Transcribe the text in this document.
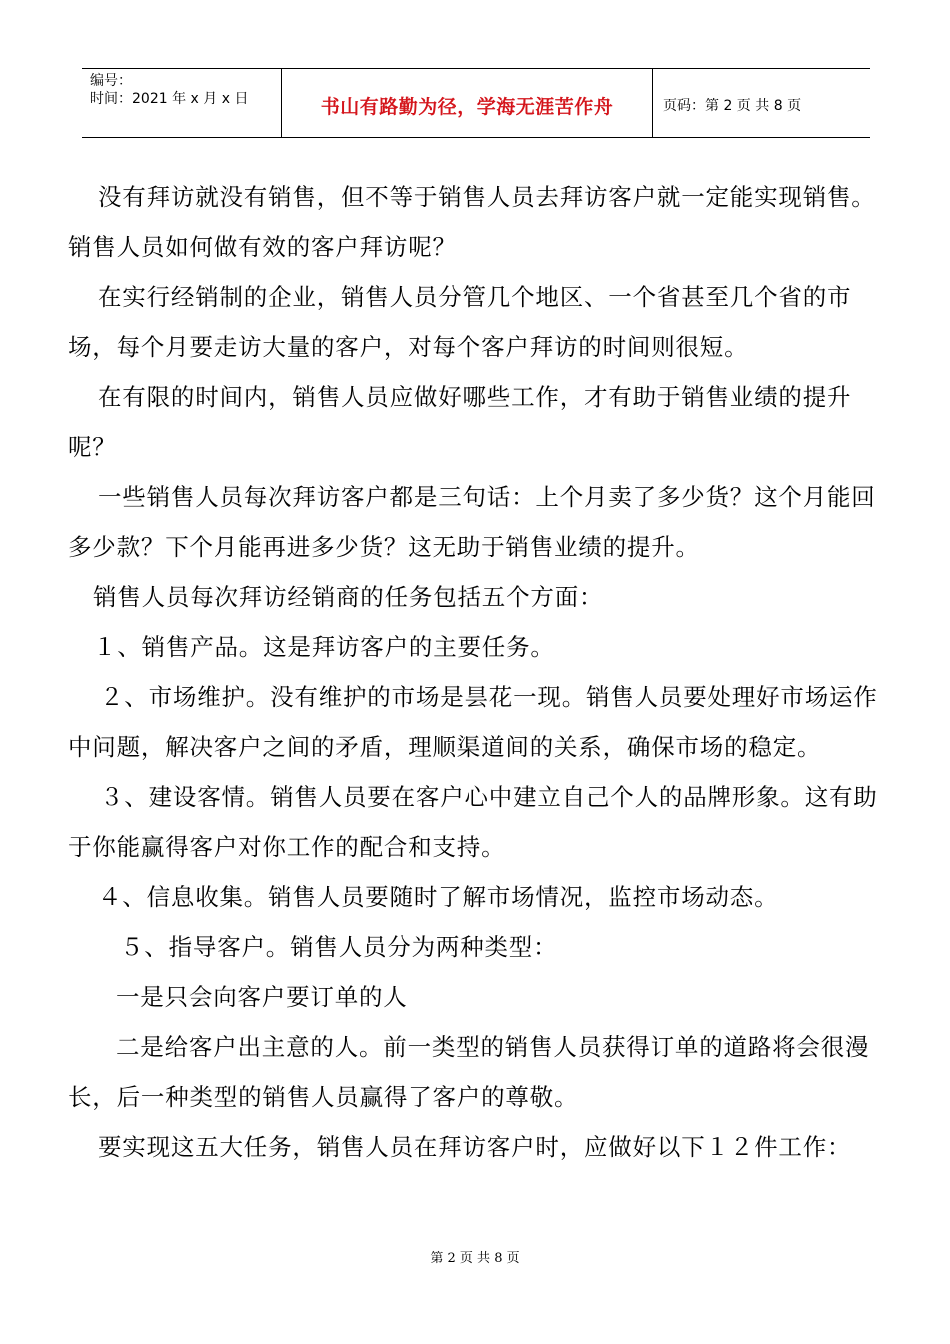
编号：
时间：2021 年 x 月 x 日	书山有路勤为径，学海无涯苦作舟	页码：第 2 页 共 8 页

没有拜访就没有销售，但不等于销售人员去拜访客户就一定能实现销售。销售人员如何做有效的客户拜访呢？

在实行经销制的企业，销售人员分管几个地区、一个省甚至几个省的市场，每个月要走访大量的客户，对每个客户拜访的时间则很短。

在有限的时间内，销售人员应做好哪些工作，才有助于销售业绩的提升呢？

一些销售人员每次拜访客户都是三句话：上个月卖了多少货？这个月能回多少款？下个月能再进多少货？这无助于销售业绩的提升。

销售人员每次拜访经销商的任务包括五个方面：

１、销售产品。这是拜访客户的主要任务。

２、市场维护。没有维护的市场是昙花一现。销售人员要处理好市场运作中问题，解决客户之间的矛盾，理顺渠道间的关系，确保市场的稳定。

３、建设客情。销售人员要在客户心中建立自己个人的品牌形象。这有助于你能赢得客户对你工作的配合和支持。

４、信息收集。销售人员要随时了解市场情况，监控市场动态。

５、指导客户。销售人员分为两种类型：

一是只会向客户要订单的人

二是给客户出主意的人。前一类型的销售人员获得订单的道路将会很漫长，后一种类型的销售人员赢得了客户的尊敬。

要实现这五大任务，销售人员在拜访客户时，应做好以下１２件工作：

第 2 页 共 8 页
